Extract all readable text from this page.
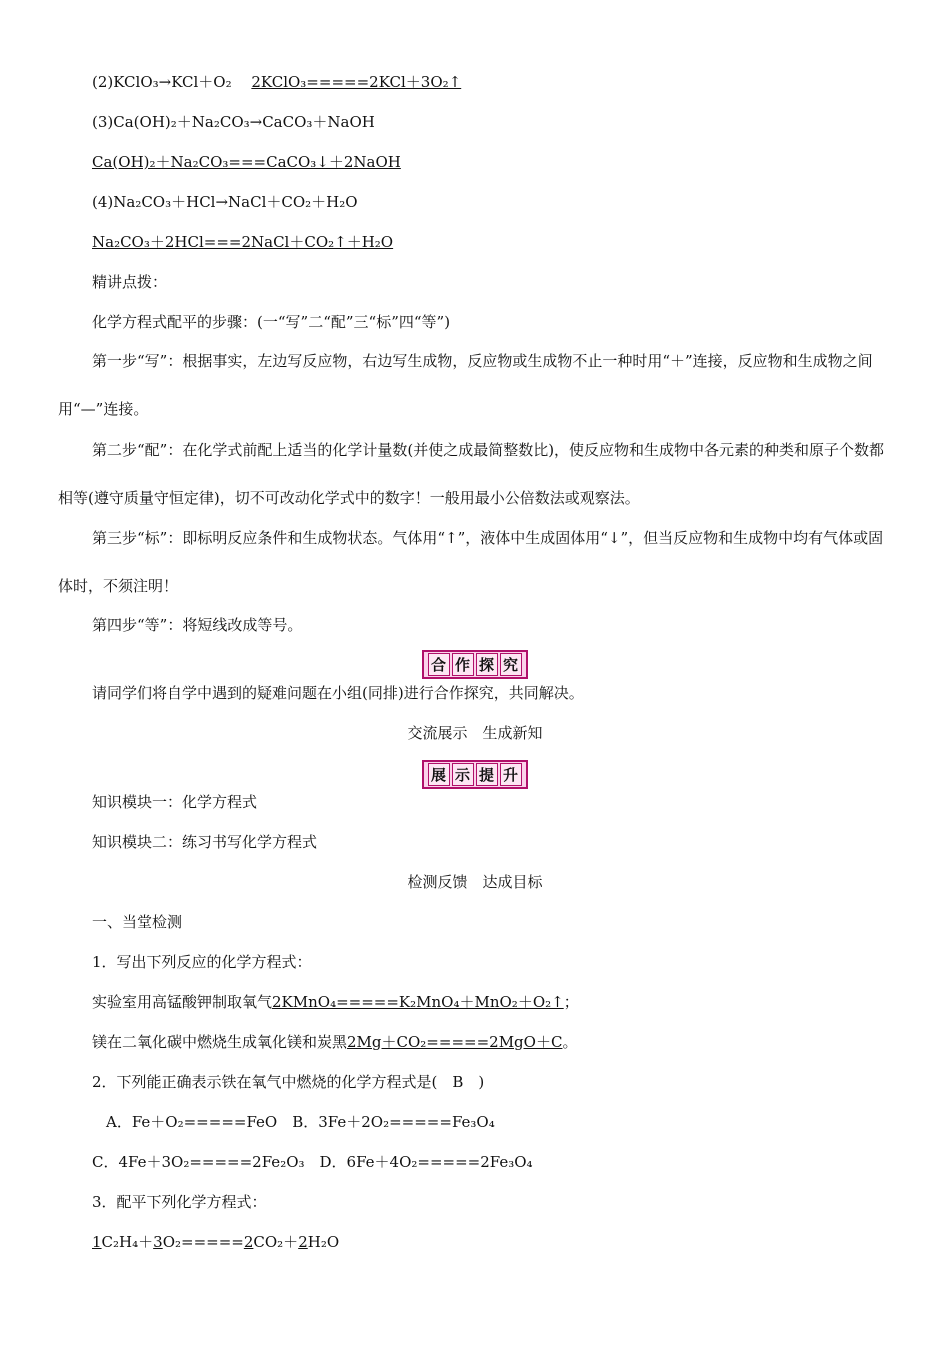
(2)KClO₃→KCl＋O₂　 2KClO₃=====2KCl＋3O₂↑
(3)Ca(OH)₂＋Na₂CO₃→CaCO₃＋NaOH
Ca(OH)₂＋Na₂CO₃===CaCO₃↓＋2NaOH
(4)Na₂CO₃＋HCl→NaCl＋CO₂＋H₂O
Na₂CO₃＋2HCl===2NaCl＋CO₂↑＋H₂O
精讲点拨：
化学方程式配平的步骤：(一“写”二“配”三“标”四“等”)
第一步“写”：根据事实，左边写反应物，右边写生成物，反应物或生成物不止一种时用“＋”连接，反应物和生成物之间用“—”连接。
第二步“配”：在化学式前配上适当的化学计量数(并使之成最简整数比)，使反应物和生成物中各元素的种类和原子个数都相等(遵守质量守恒定律)，切不可改动化学式中的数字！一般用最小公倍数法或观察法。
第三步“标”：即标明反应条件和生成物状态。气体用“↑”，液体中生成固体用“↓”，但当反应物和生成物中均有气体或固体时，不须注明！
第四步“等”：将短线改成等号。
合 作 探 究
请同学们将自学中遇到的疑难问题在小组(同排)进行合作探究，共同解决。
交流展示　生成新知
展 示 提 升
知识模块一：化学方程式
知识模块二：练习书写化学方程式
检测反馈　达成目标
一、当堂检测
1．写出下列反应的化学方程式：
实验室用高锰酸钾制取氧气2KMnO₄=====K₂MnO₄＋MnO₂＋O₂↑；
镁在二氧化碳中燃烧生成氧化镁和炭黑2Mg＋CO₂=====2MgO＋C。
2．下列能正确表示铁在氧气中燃烧的化学方程式是(　B　)
A．Fe＋O₂=====FeO　B．3Fe＋2O₂=====Fe₃O₄
C．4Fe＋3O₂=====2Fe₂O₃　D．6Fe＋4O₂=====2Fe₃O₄
3．配平下列化学方程式：
1C₂H₄＋3O₂=====2CO₂＋2H₂O
